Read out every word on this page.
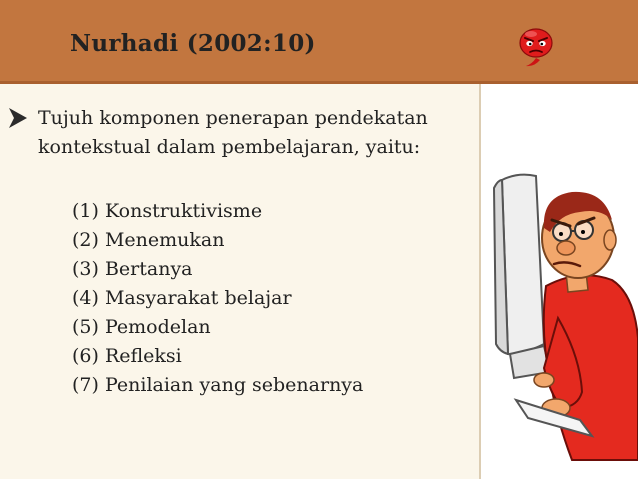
Nurhadi (2002:10)
Tujuh komponen penerapan pendekatan kontekstual dalam pembelajaran, yaitu:
(1) Konstruktivisme
(2) Menemukan
(3) Bertanya
(4) Masyarakat belajar
(5) Pemodelan
(6) Refleksi
(7) Penilaian yang sebenarnya
